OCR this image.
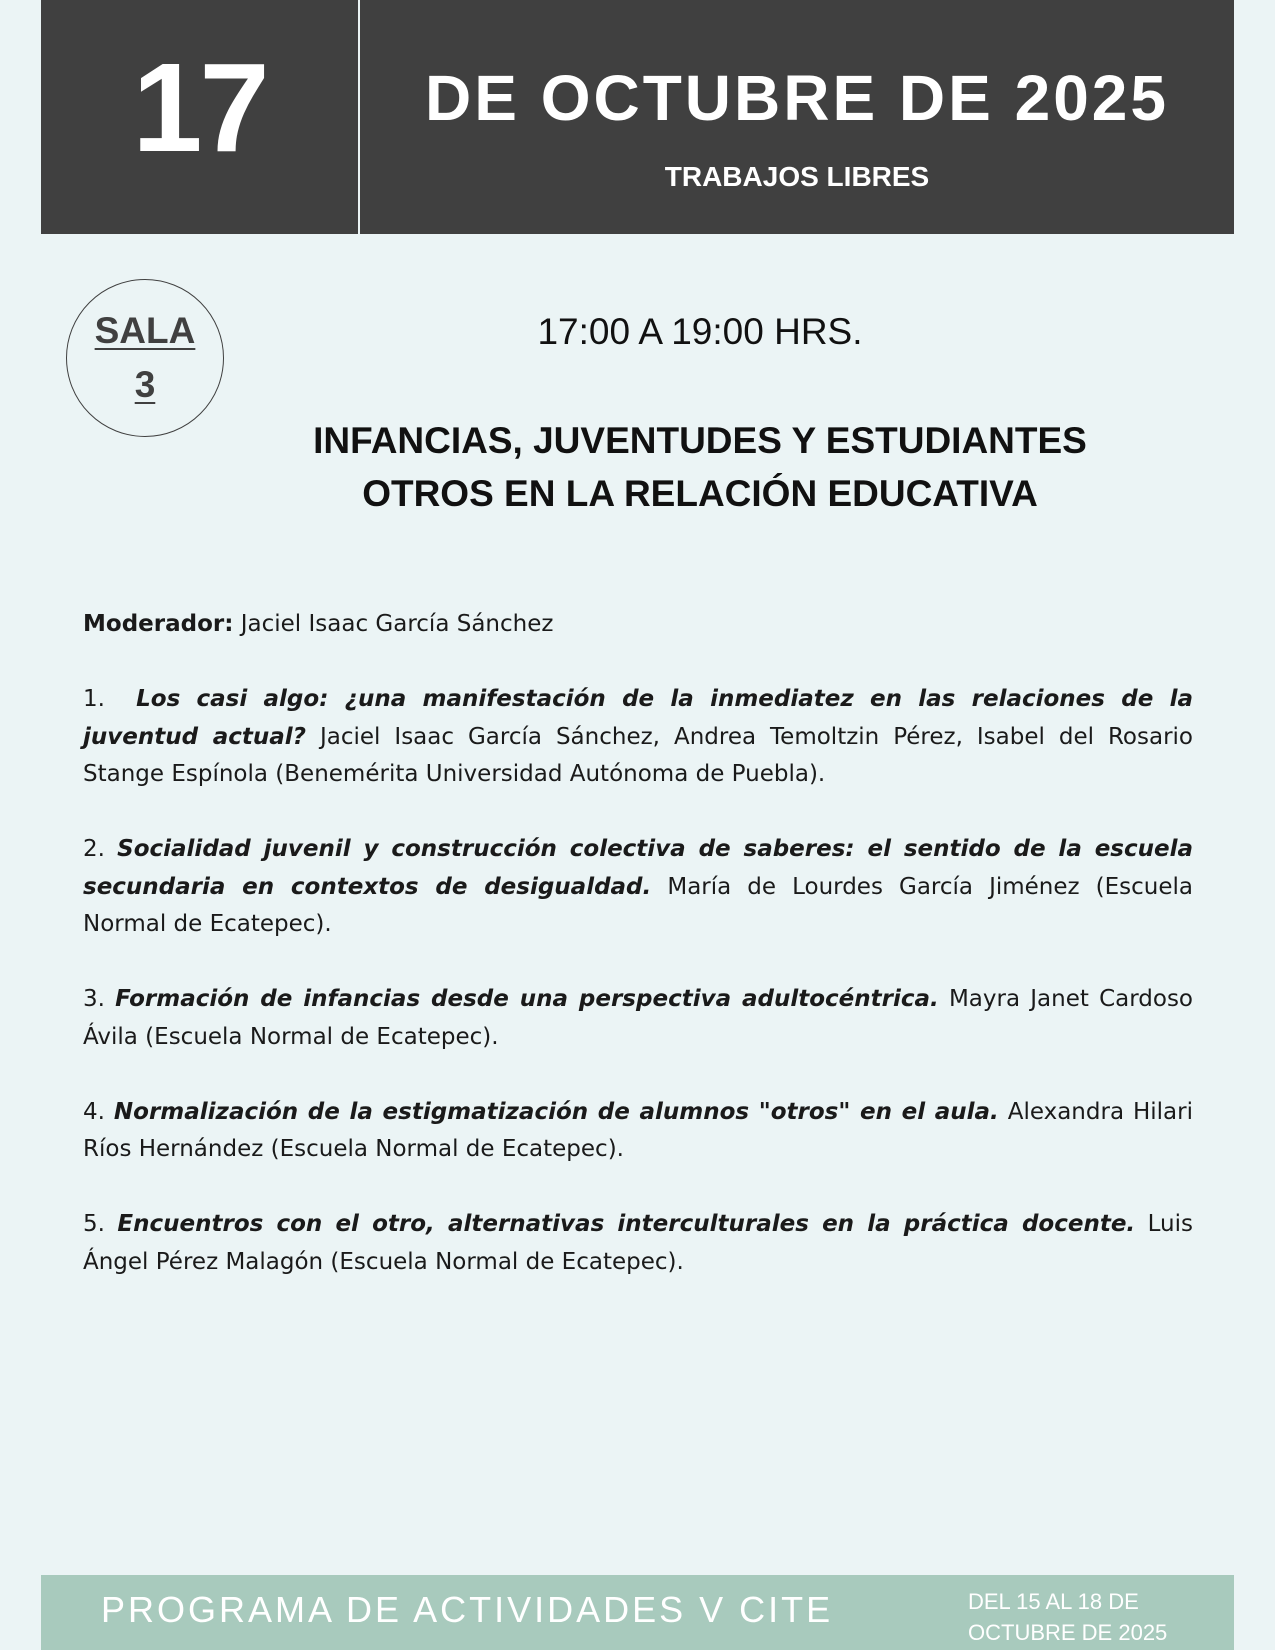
17	DE OCTUBRE DE 2025
TRABAJOS LIBRES
SALA
3
17:00 A 19:00 HRS.
INFANCIAS, JUVENTUDES Y ESTUDIANTES
OTROS EN LA RELACIÓN EDUCATIVA

Moderador: Jaciel Isaac García Sánchez

1. Los casi algo: ¿una manifestación de la inmediatez en las relaciones de la juventud actual? Jaciel Isaac García Sánchez, Andrea Temoltzin Pérez, Isabel del Rosario Stange Espínola (Benemérita Universidad Autónoma de Puebla).

2. Socialidad juvenil y construcción colectiva de saberes: el sentido de la escuela secundaria en contextos de desigualdad. María de Lourdes García Jiménez (Escuela Normal de Ecatepec).

3. Formación de infancias desde una perspectiva adultocéntrica. Mayra Janet Cardoso Ávila (Escuela Normal de Ecatepec).

4. Normalización de la estigmatización de alumnos "otros" en el aula. Alexandra Hilari Ríos Hernández (Escuela Normal de Ecatepec).

5. Encuentros con el otro, alternativas interculturales en la práctica docente. Luis Ángel Pérez Malagón (Escuela Normal de Ecatepec).

PROGRAMA DE ACTIVIDADES V CITE	DEL 15 AL 18 DE
OCTUBRE DE 2025
